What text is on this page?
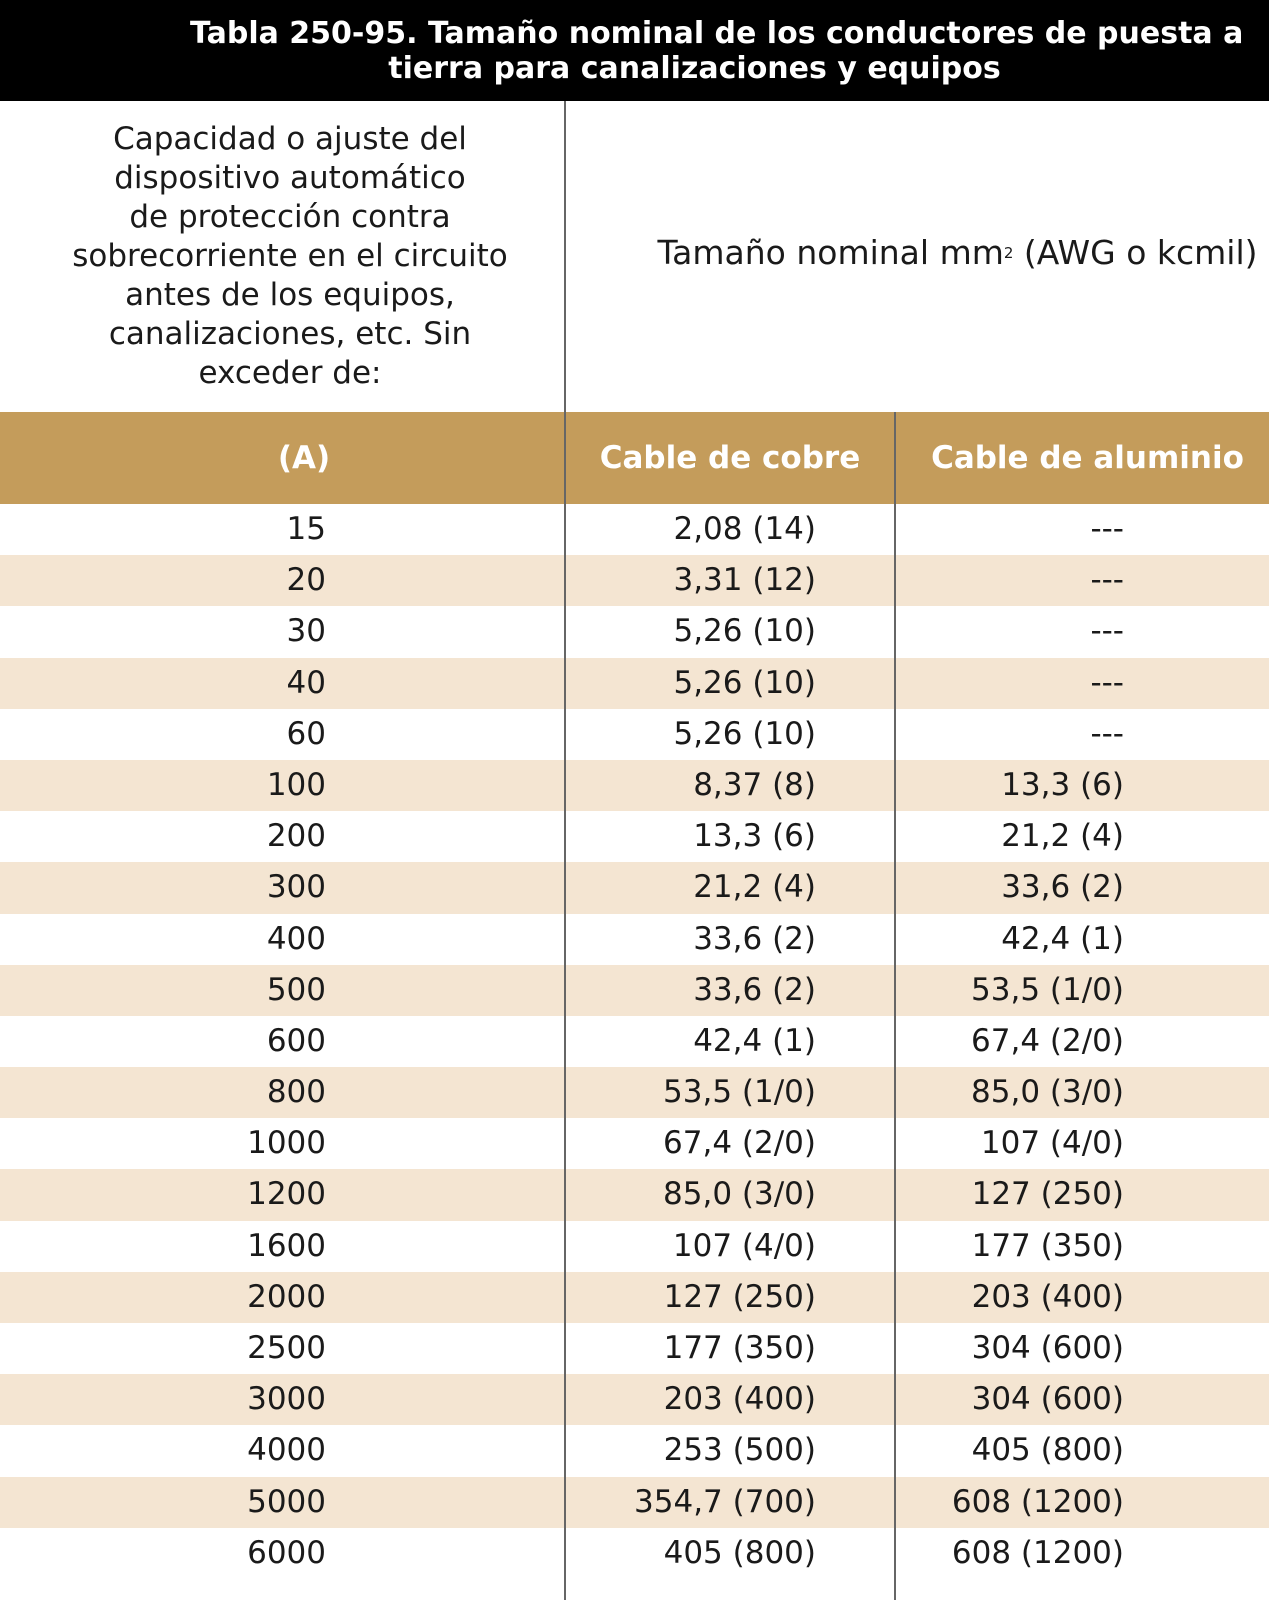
Tabla 250-95. Tamaño nominal de los conductores de puesta a
tierra para canalizaciones y equipos
Capacidad o ajuste del
dispositivo automático
de protección contra
sobrecorriente en el circuito
antes de los equipos,
canalizaciones, etc. Sin
exceder de:
Tamaño nominal mm 2 (AWG o kcmil)
(A)	Cable de cobre	Cable de aluminio
15	2,08 (14)	---
20	3,31 (12)	---
30	5,26 (10)	---
40	5,26 (10)	---
60	5,26 (10)	---
100	8,37 (8)	13,3 (6)
200	13,3 (6)	21,2 (4)
300	21,2 (4)	33,6 (2)
400	33,6 (2)	42,4 (1)
500	33,6 (2)	53,5 (1/0)
600	42,4 (1)	67,4 (2/0)
800	53,5 (1/0)	85,0 (3/0)
1000	67,4 (2/0)	107 (4/0)
1200	85,0 (3/0)	127 (250)
1600	107 (4/0)	177 (350)
2000	127 (250)	203 (400)
2500	177 (350)	304 (600)
3000	203 (400)	304 (600)
4000	253 (500)	405 (800)
5000	354,7 (700)	608 (1200)
6000	405 (800)	608 (1200)
